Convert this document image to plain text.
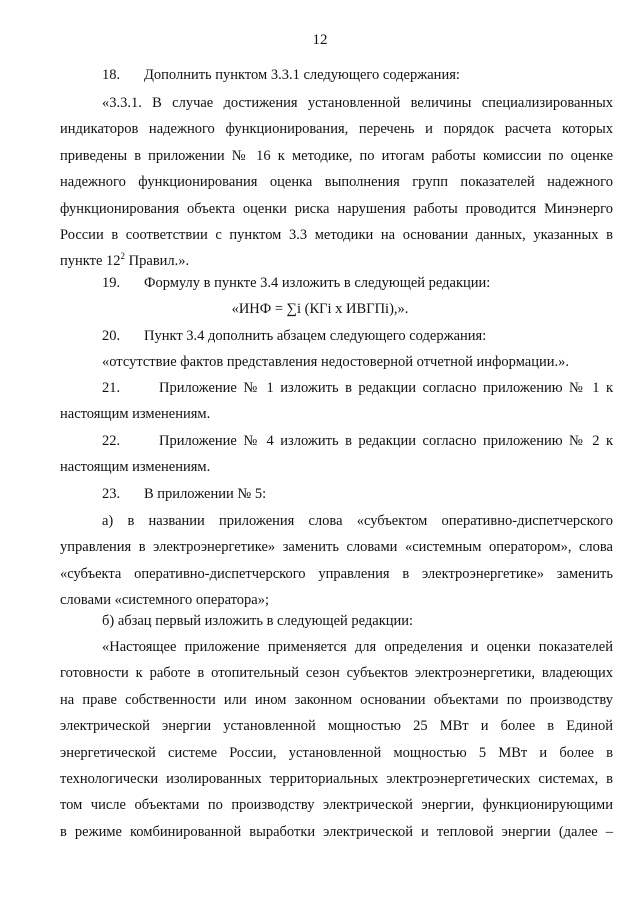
12
18. Дополнить пунктом 3.3.1 следующего содержания:
«3.3.1. В случае достижения установленной величины специализированных
индикаторов надежного функционирования, перечень и порядок расчета которых
приведены в приложении № 16 к методике, по итогам работы комиссии по оценке
надежного функционирования оценка выполнения групп показателей надежного
функционирования объекта оценки риска нарушения работы проводится Минэнерго
России в соответствии с пунктом 3.3 методики на основании данных, указанных в
пункте $12^2$ Правил.».
19. Формулу в пункте 3.4 изложить в следующей редакции:
«ИНФ = ∑i (КГi х ИВГПi),».
20. Пункт 3.4 дополнить абзацем следующего содержания:
«отсутствие фактов представления недостоверной отчетной информации.».
21.      Приложение № 1 изложить в редакции согласно приложению № 1 к
настоящим изменениям.
22.      Приложение № 4 изложить в редакции согласно приложению № 2 к
настоящим изменениям.
23. В приложении № 5:
а) в названии приложения слова «субъектом оперативно-диспетчерского
управления в электроэнергетике» заменить словами «системным оператором», слова
«субъекта оперативно-диспетчерского управления в электроэнергетике» заменить
словами «системного оператора»;
б) абзац первый изложить в следующей редакции:
«Настоящее приложение применяется для определения и оценки показателей
готовности к работе в отопительный сезон субъектов электроэнергетики, владеющих
на праве собственности или ином законном основании объектами по производству
электрической энергии установленной мощностью 25 МВт и более в Единой
энергетической системе России, установленной мощностью 5 МВт и более в
технологически изолированных территориальных электроэнергетических системах, в
том числе объектами по производству электрической энергии, функционирующими
в режиме комбинированной выработки электрической и тепловой энергии (далее –
